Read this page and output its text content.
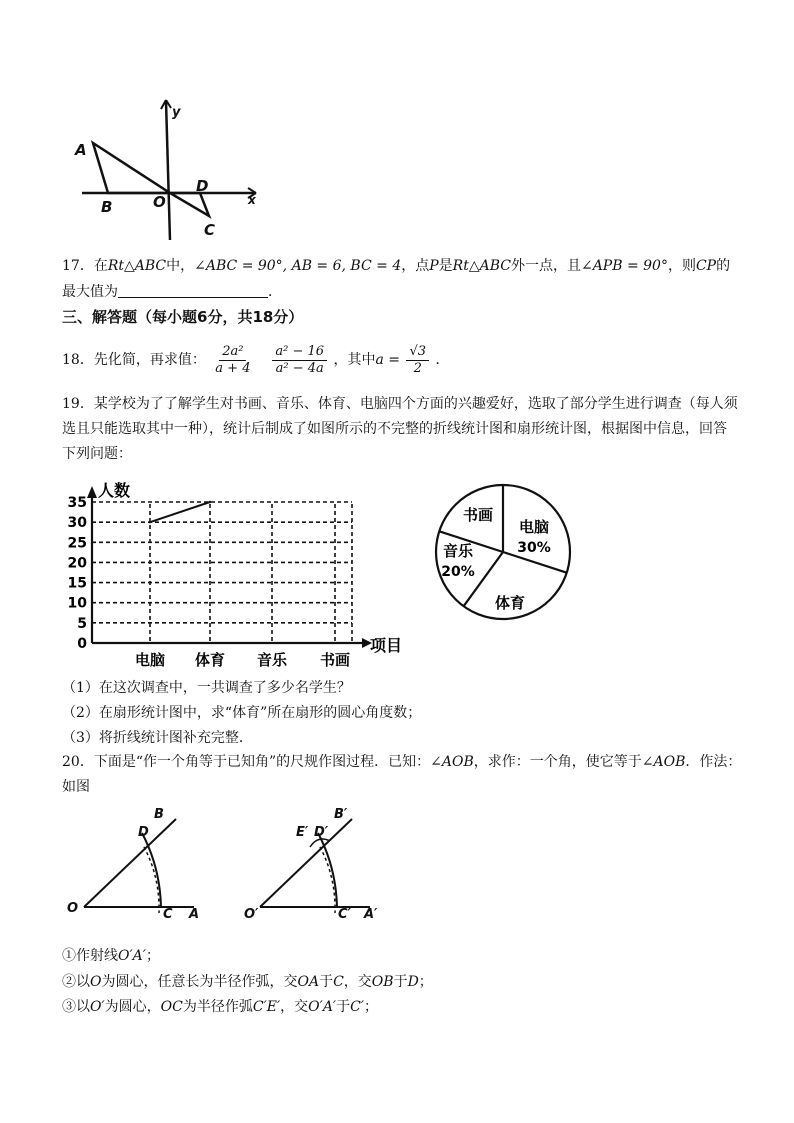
y
x
A
B	O
D
C
17．在Rt△ABC中，∠ABC = 90°, AB = 6, BC = 4，点P是Rt△ABC外一点，且∠APB = 90°，则CP的
最大值为	．
三、解答题（每小题6分，共18分）
18．先化简，再求值： $\frac{\text{2a²}}{a + 4}$
$\frac{\text{a² − 16}}{\text{a² − 4a}}$ ，其中$a = \frac{√3}{2}$ ．
19．某学校为了了解学生对书画、音乐、体育、电脑四个方面的兴趣爱好，选取了部分学生进行调查（每人须
选且只能选取其中一种），统计后制成了如图所示的不完整的折线统计图和扇形统计图，根据图中信息，回答
下列问题：
0
5
10
15
20
25
30
35
电脑 体育 音乐 书画
人数
项目
书画
电脑
30%
体育
音乐
20%
（1）在这次调查中，一共调查了多少名学生？
（2）在扇形统计图中，求“体育”所在扇形的圆心角度数；
（3）将折线统计图补充完整．
20．下面是“作一个角等于已知角”的尺规作图过程．已知：∠AOB，求作：一个角，使它等于∠AOB．作法：
如图
B
D
O	C A
B′
E′ D′
O′	C′ A′
①作射线O′A′；
②以O为圆心，任意长为半径作弧，交OA于C，交OB于D；
③以O′为圆心，OC为半径作弧C′E′，交O′A′于C′；
